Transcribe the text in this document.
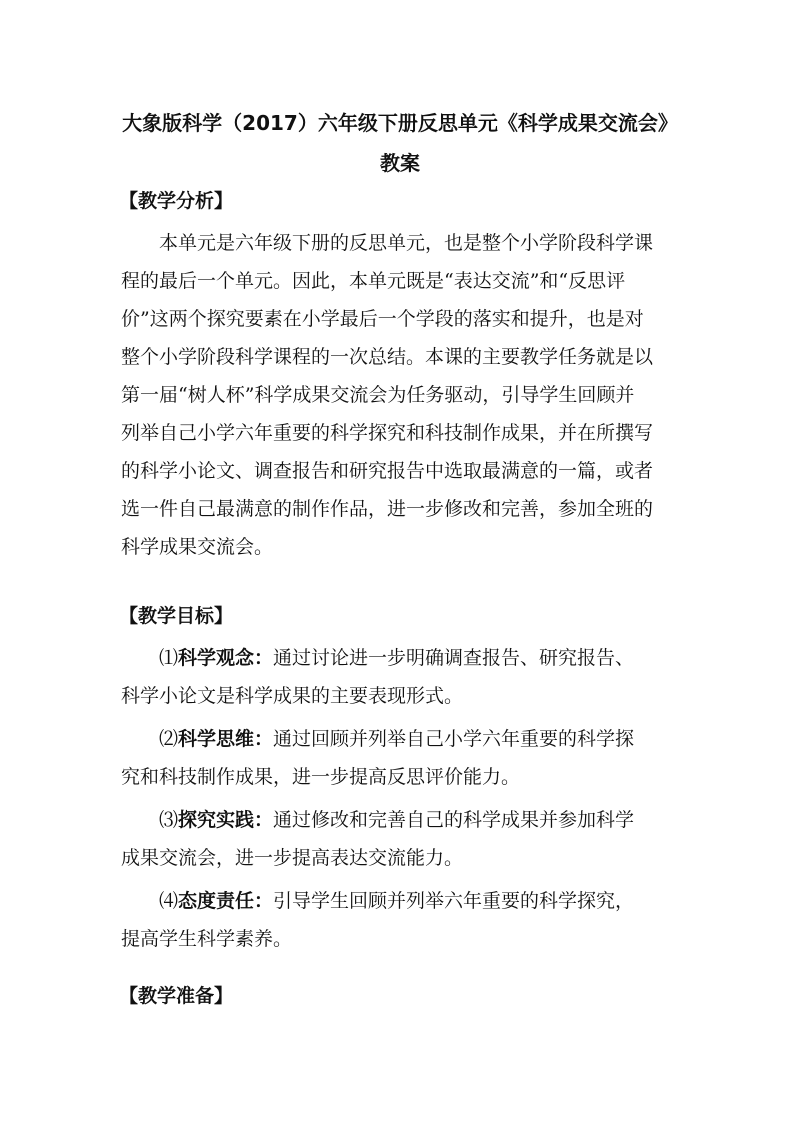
大象版科学（2017）六年级下册反思单元《科学成果交流会》
教案
【教学分析】
本单元是六年级下册的反思单元，也是整个小学阶段科学课
程的最后一个单元。因此，本单元既是“表达交流”和“反思评
价”这两个探究要素在小学最后一个学段的落实和提升，也是对
整个小学阶段科学课程的一次总结。本课的主要教学任务就是以
第一届“树人杯”科学成果交流会为任务驱动，引导学生回顾并
列举自己小学六年重要的科学探究和科技制作成果，并在所撰写
的科学小论文、调查报告和研究报告中选取最满意的一篇，或者
选一件自己最满意的制作作品，进一步修改和完善，参加全班的
科学成果交流会。
【教学目标】
⑴科学观念：通过讨论进一步明确调查报告、研究报告、
科学小论文是科学成果的主要表现形式。
⑵科学思维：通过回顾并列举自己小学六年重要的科学探
究和科技制作成果，进一步提高反思评价能力。
⑶探究实践：通过修改和完善自己的科学成果并参加科学
成果交流会，进一步提高表达交流能力。
⑷态度责任：引导学生回顾并列举六年重要的科学探究，
提高学生科学素养。
【教学准备】
